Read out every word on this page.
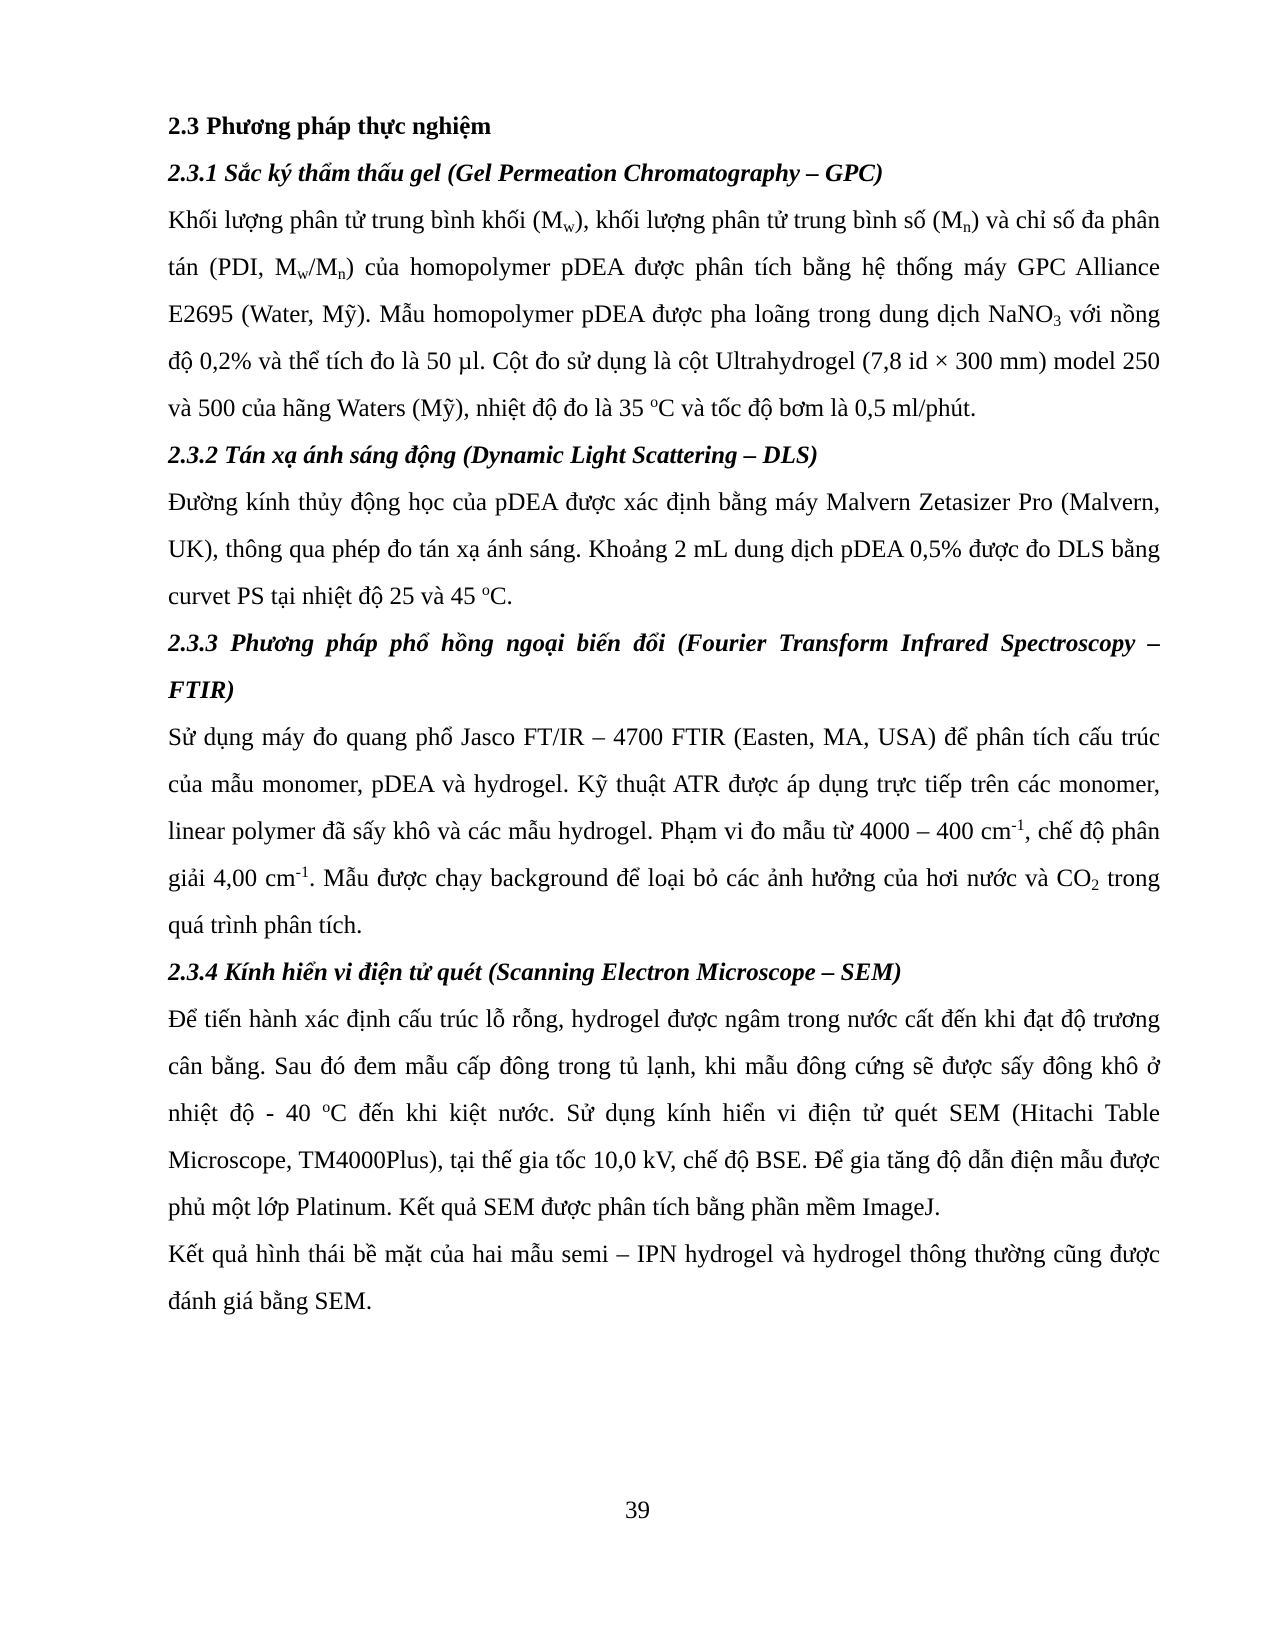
2.3 Phương pháp thực nghiệm

2.3.1 Sắc ký thẩm thấu gel (Gel Permeation Chromatography – GPC)

Khối lượng phân tử trung bình khối $(M_w)$, khối lượng phân tử trung bình số $(M_n)$ và chỉ số đa phân tán (PDI, $M_w/M_n$) của homopolymer pDEA được phân tích bằng hệ thống máy GPC Alliance E2695 (Water, Mỹ). Mẫu homopolymer pDEA được pha loãng trong dung dịch NaNO$_3$ với nồng độ 0,2% và thể tích đo là 50 µl. Cột đo sử dụng là cột Ultrahydrogel (7,8 id × 300 mm) model 250 và 500 của hãng Waters (Mỹ), nhiệt độ đo là 35 $^o$C và tốc độ bơm là 0,5 ml/phút.

2.3.2 Tán xạ ánh sáng động (Dynamic Light Scattering – DLS)

Đường kính thủy động học của pDEA được xác định bằng máy Malvern Zetasizer Pro (Malvern, UK), thông qua phép đo tán xạ ánh sáng. Khoảng 2 mL dung dịch pDEA 0,5% được đo DLS bằng curvet PS tại nhiệt độ 25 và 45 $^o$C.

2.3.3 Phương pháp phổ hồng ngoại biến đổi (Fourier Transform Infrared Spectroscopy – FTIR)

Sử dụng máy đo quang phổ Jasco FT/IR – 4700 FTIR (Easten, MA, USA) để phân tích cấu trúc của mẫu monomer, pDEA và hydrogel. Kỹ thuật ATR được áp dụng trực tiếp trên các monomer, linear polymer đã sấy khô và các mẫu hydrogel. Phạm vi đo mẫu từ 4000 – 400 $cm^{-1}$, chế độ phân giải 4,00 $cm^{-1}$. Mẫu được chạy background để loại bỏ các ảnh hưởng của hơi nước và $CO_2$ trong quá trình phân tích.

2.3.4 Kính hiển vi điện tử quét (Scanning Electron Microscope – SEM)

Để tiến hành xác định cấu trúc lỗ rỗng, hydrogel được ngâm trong nước cất đến khi đạt độ trương cân bằng. Sau đó đem mẫu cấp đông trong tủ lạnh, khi mẫu đông cứng sẽ được sấy đông khô ở nhiệt độ - 40 $^o$C đến khi kiệt nước. Sử dụng kính hiển vi điện tử quét SEM (Hitachi Table Microscope, TM4000Plus), tại thế gia tốc 10,0 kV, chế độ BSE. Để gia tăng độ dẫn điện mẫu được phủ một lớp Platinum. Kết quả SEM được phân tích bằng phần mềm ImageJ.

Kết quả hình thái bề mặt của hai mẫu semi – IPN hydrogel và hydrogel thông thường cũng được đánh giá bằng SEM.

39
